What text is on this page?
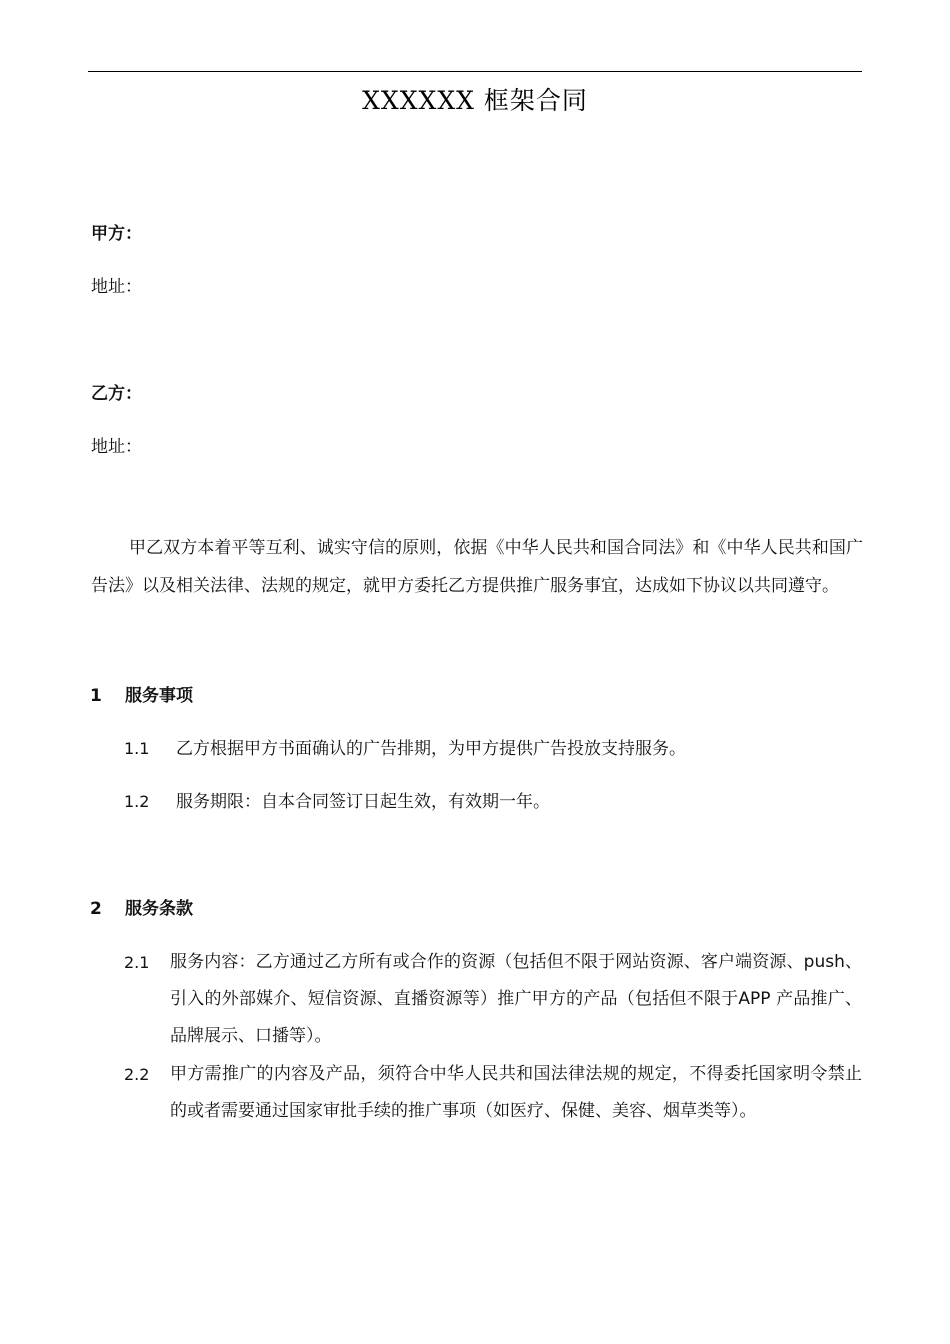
XXXXXX 框架合同
甲方：
地址：
乙方：
地址：
甲乙双方本着平等互利、诚实守信的原则，依据《中华人民共和国合同法》和《中华人民共和国广告法》以及相关法律、法规的规定，就甲方委托乙方提供推广服务事宜，达成如下协议以共同遵守。
1 服务事项
1.1 乙方根据甲方书面确认的广告排期，为甲方提供广告投放支持服务。
1.2 服务期限：自本合同签订日起生效，有效期一年。
2 服务条款
2.1 服务内容：乙方通过乙方所有或合作的资源（包括但不限于网站资源、客户端资源、push、引入的外部媒介、短信资源、直播资源等）推广甲方的产品（包括但不限于APP 产品推广、品牌展示、口播等）。
2.2 甲方需推广的内容及产品，须符合中华人民共和国法律法规的规定，不得委托国家明令禁止的或者需要通过国家审批手续的推广事项（如医疗、保健、美容、烟草类等）。
